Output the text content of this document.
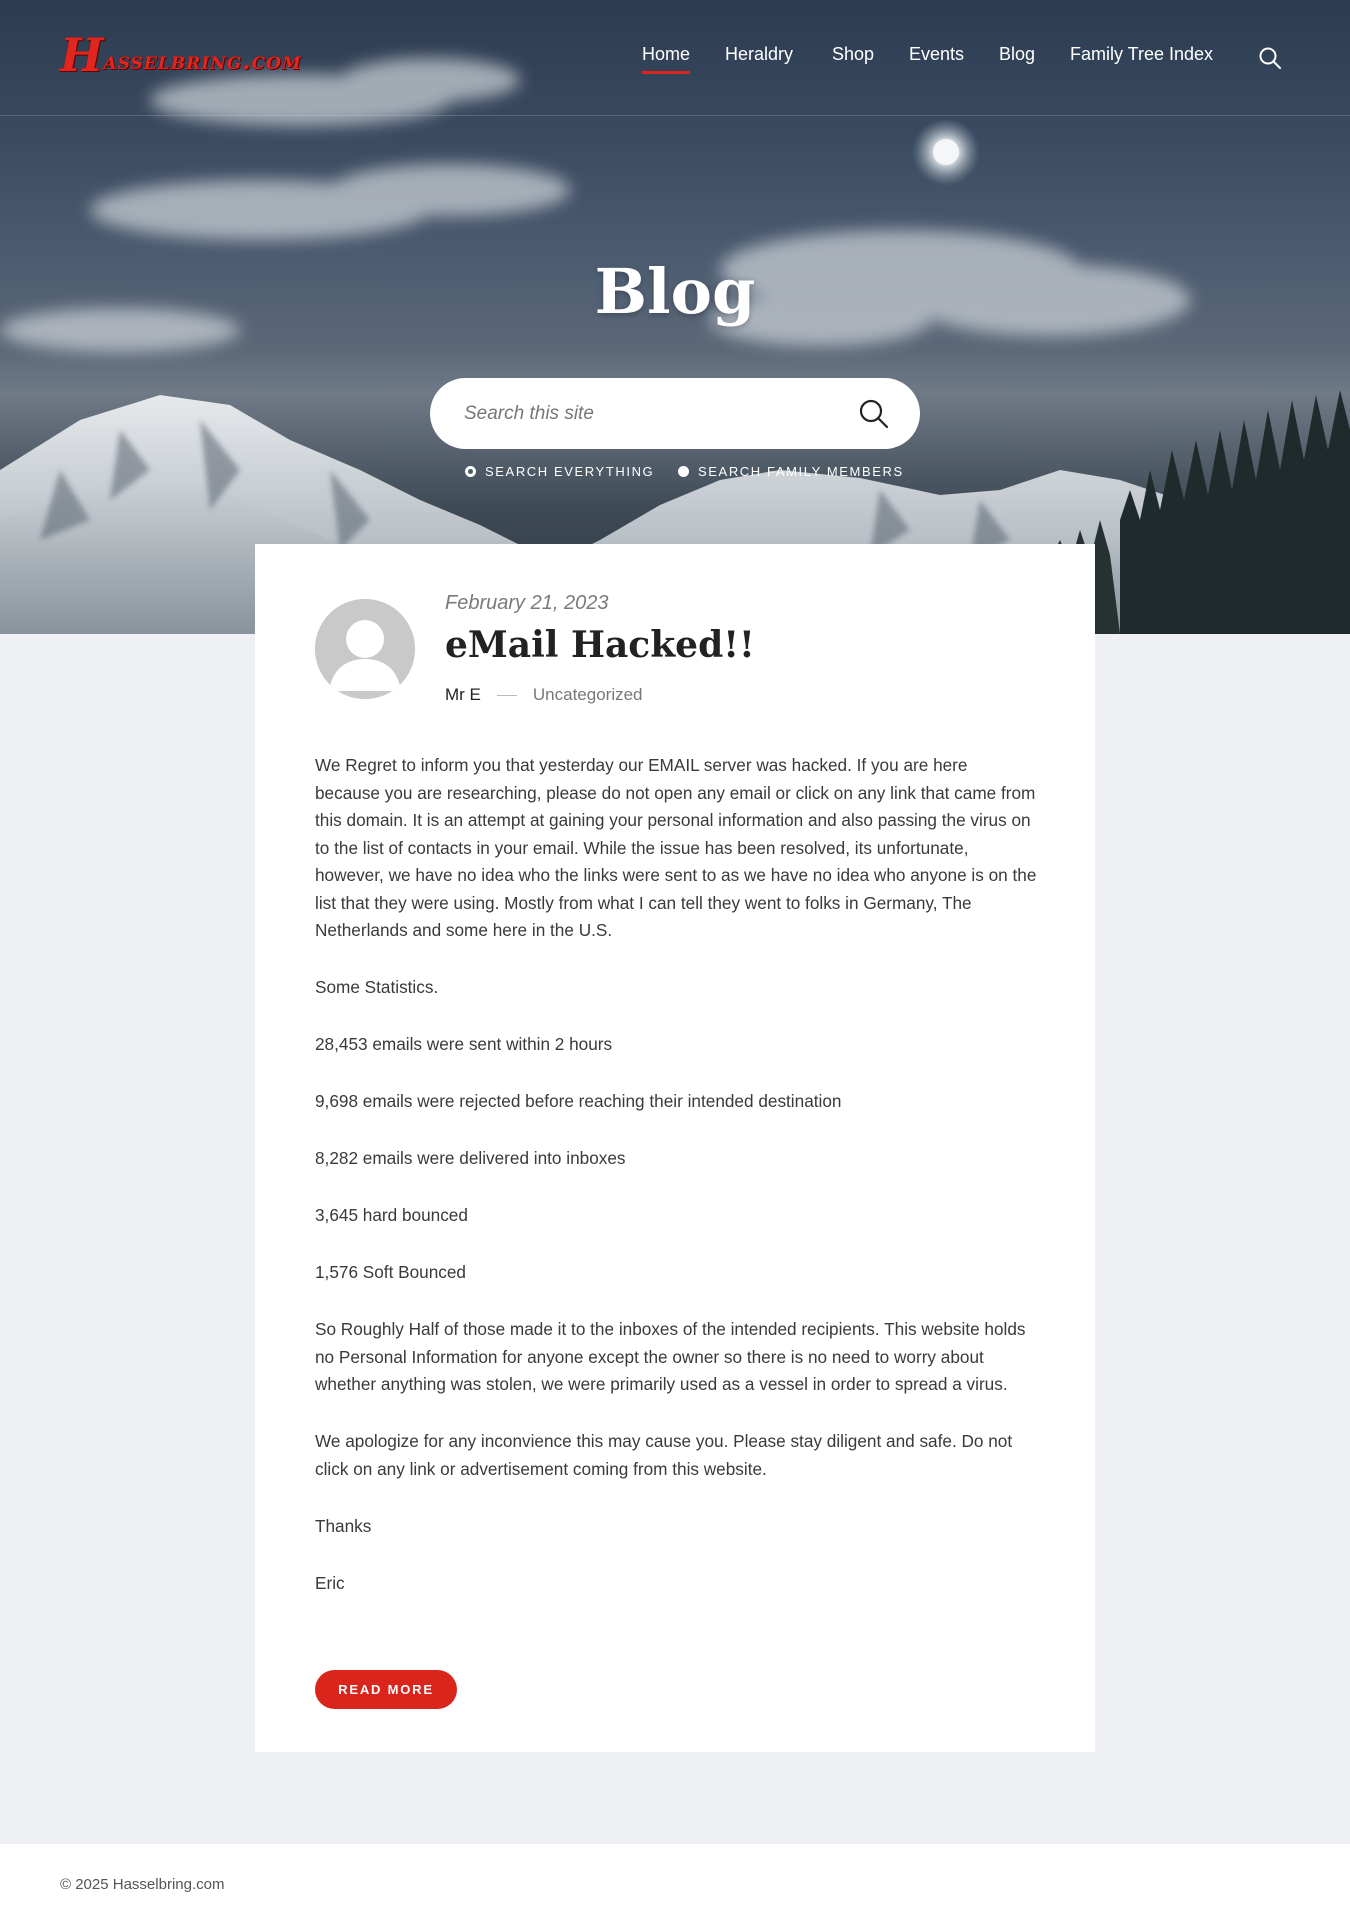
Hasselbring.com	Home Heraldry Shop Events Blog Family Tree Index
Blog
Search this site
SEARCH EVERYTHING	SEARCH FAMILY MEMBERS
February 21, 2023
eMail Hacked!!
Mr E	Uncategorized

We Regret to inform you that yesterday our EMAIL server was hacked. If you are here because you are researching, please do not open any email or click on any link that came from this domain. It is an attempt at gaining your personal information and also passing the virus on to the list of contacts in your email. While the issue has been resolved, its unfortunate, however, we have no idea who the links were sent to as we have no idea who anyone is on the list that they were using. Mostly from what I can tell they went to folks in Germany, The Netherlands and some here in the U.S.

Some Statistics.

28,453 emails were sent within 2 hours

9,698 emails were rejected before reaching their intended destination

8,282 emails were delivered into inboxes

3,645 hard bounced

1,576 Soft Bounced

So Roughly Half of those made it to the inboxes of the intended recipients. This website holds no Personal Information for anyone except the owner so there is no need to worry about whether anything was stolen, we were primarily used as a vessel in order to spread a virus.

We apologize for any inconvience this may cause you. Please stay diligent and safe. Do not click on any link or advertisement coming from this website.

Thanks

Eric

READ MORE
© 2025 Hasselbring.com
